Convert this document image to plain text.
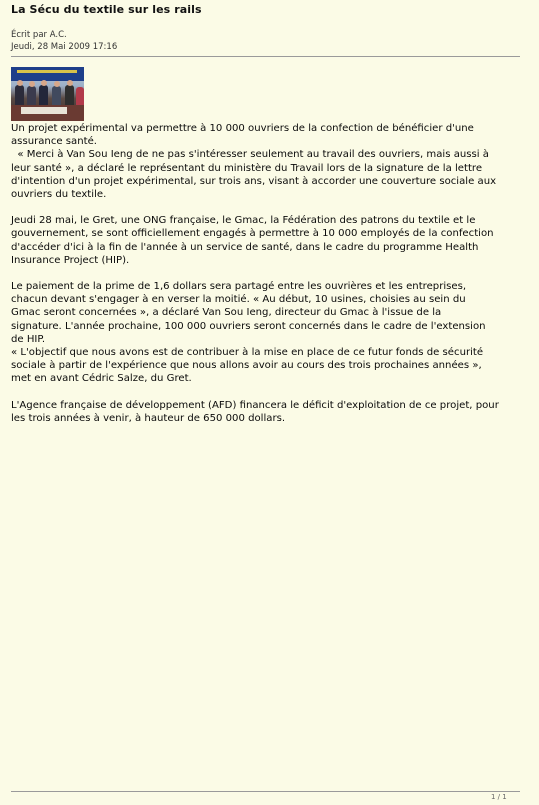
La Sécu du textile sur les rails
Écrit par A.C.
Jeudi, 28 Mai 2009 17:16

Un projet expérimental va permettre à 10 000 ouvriers de la confection de bénéficier d'une
assurance santé.
« Merci à Van Sou Ieng de ne pas s'intéresser seulement au travail des ouvriers, mais aussi à
leur santé », a déclaré le représentant du ministère du Travail lors de la signature de la lettre
d'intention d'un projet expérimental, sur trois ans, visant à accorder une couverture sociale aux
ouvriers du textile.

Jeudi 28 mai, le Gret, une ONG française, le Gmac, la Fédération des patrons du textile et le
gouvernement, se sont officiellement engagés à permettre à 10 000 employés de la confection
d'accéder d'ici à la fin de l'année à un service de santé, dans le cadre du programme Health
Insurance Project (HIP).

Le paiement de la prime de 1,6 dollars sera partagé entre les ouvrières et les entreprises,
chacun devant s'engager à en verser la moitié. « Au début, 10 usines, choisies au sein du
Gmac seront concernées », a déclaré Van Sou Ieng, directeur du Gmac à l'issue de la
signature. L'année prochaine, 100 000 ouvriers seront concernés dans le cadre de l'extension
de HIP.
« L'objectif que nous avons est de contribuer à la mise en place de ce futur fonds de sécurité
sociale à partir de l'expérience que nous allons avoir au cours des trois prochaines années »,
met en avant Cédric Salze, du Gret.

L'Agence française de développement (AFD) financera le déficit d'exploitation de ce projet, pour
les trois années à venir, à hauteur de 650 000 dollars.

1 / 1
